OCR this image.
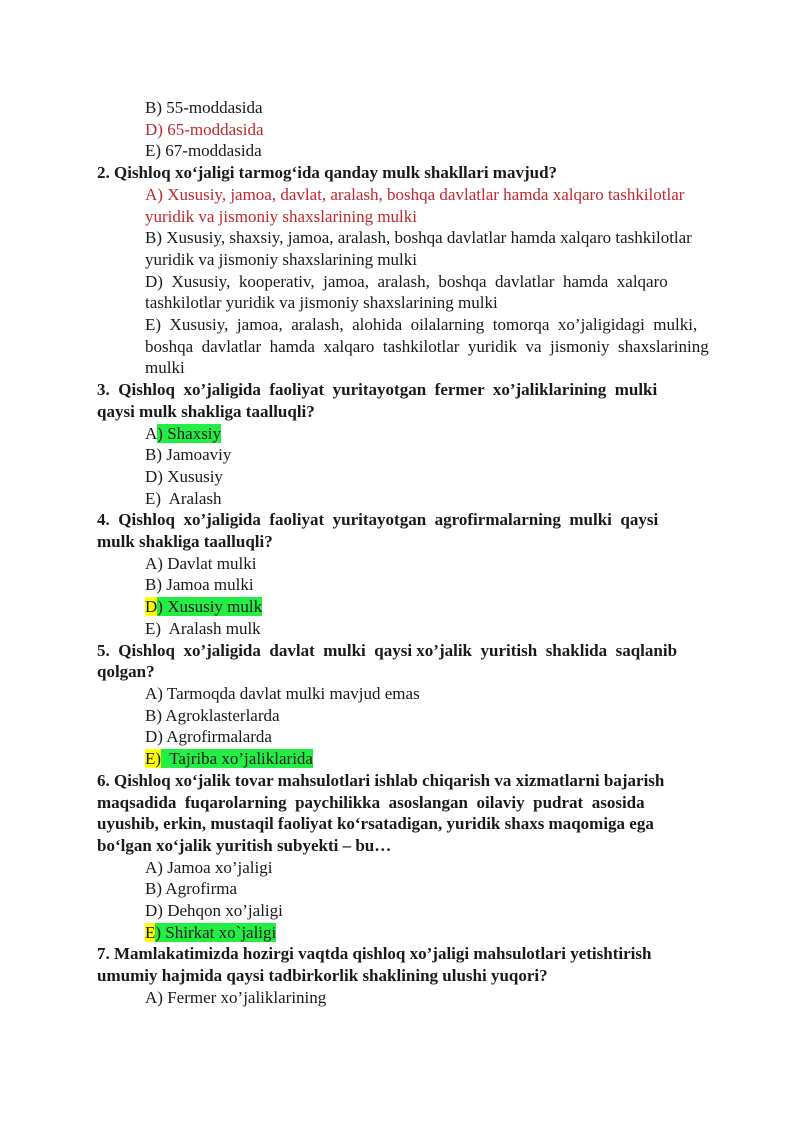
B) 55-moddasida

D) 65-moddasida

E) 67-moddasida

2. Qishloq xo‘jaligi tarmog‘ida qanday mulk shakllari mavjud?

A) Xususiy, jamoa, davlat, aralash, boshqa davlatlar hamda xalqaro tashkilotlar

yuridik va jismoniy shaxslarining mulki

B) Xususiy, shaxsiy, jamoa, aralash, boshqa davlatlar hamda xalqaro tashkilotlar

yuridik va jismoniy shaxslarining mulki

D)  Xususiy,  kooperativ,  jamoa,  aralash,  boshqa  davlatlar  hamda  xalqaro

tashkilotlar yuridik va jismoniy shaxslarining mulki

E)  Xususiy,  jamoa,  aralash,  alohida  oilalarning  tomorqa  xo’jaligidagi  mulki,

boshqa  davlatlar  hamda  xalqaro  tashkilotlar  yuridik  va  jismoniy  shaxslarining

mulki

3.  Qishloq  xo’jaligida  faoliyat  yuritayotgan  fermer  xo’jaliklarining  mulki

qaysi mulk shakliga taalluqli?

A) Shaxsiy

B) Jamoaviy

D) Xususiy

E)  Aralash

4.  Qishloq  xo’jaligida  faoliyat  yuritayotgan  agrofirmalarning  mulki  qaysi

mulk shakliga taalluqli?

A) Davlat mulki

B) Jamoa mulki

D) Xususiy mulk

E)  Aralash mulk

5.  Qishloq  xo’jaligida  davlat  mulki  qaysi xo’jalik  yuritish  shaklida  saqlanib

qolgan?

A) Tarmoqda davlat mulki mavjud emas

B) Agroklasterlarda

D) Agrofirmalarda

E)  Tajriba xo’jaliklarida

6. Qishloq xo‘jalik tovar mahsulotlari ishlab chiqarish va xizmatlarni bajarish

maqsadida  fuqarolarning  paychilikka  asoslangan  oilaviy  pudrat  asosida

uyushib, erkin, mustaqil faoliyat ko‘rsatadigan, yuridik shaxs maqomiga ega

bo‘lgan xo‘jalik yuritish subyekti – bu…

A) Jamoa xo’jaligi

B) Agrofirma

D) Dehqon xo’jaligi

E) Shirkat xo`jaligi

7. Mamlakatimizda hozirgi vaqtda qishloq xo’jaligi mahsulotlari yetishtirish

umumiy hajmida qaysi tadbirkorlik shaklining ulushi yuqori?

A) Fermer xo’jaliklarining
